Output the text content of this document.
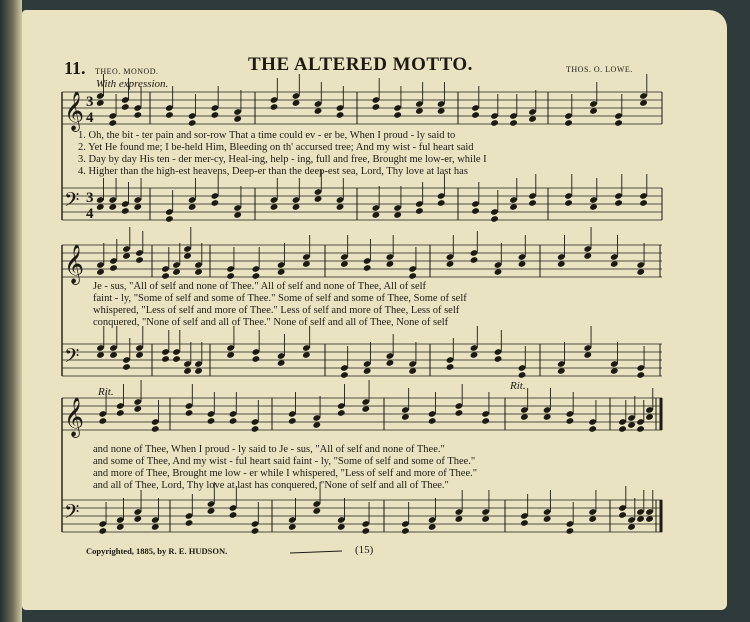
𝄞
𝄢
𝄞
𝄢
𝄞
𝄢
3
4
3
4
11. THEO. MONOD.
With expression.
THE ALTERED MOTTO.	THOS. O. LOWE.
Rit.	Rit.
1. Oh, the bit - ter pain and sor-row That a time could ev - er be, When I proud - ly said to
2. Yet He found me; I be-held Him, Bleeding on th' accursed tree; And my wist - ful heart said
3. Day by day His ten - der mer-cy, Heal-ing, help - ing, full and free, Brought me low-er, while I
4. Higher than the high-est heavens, Deep-er than the deep-est sea, Lord, Thy love at last has
Je - sus, "All of self and none of Thee." All of self and none of Thee, All of self
faint - ly, "Some of self and some of Thee." Some of self and some of Thee, Some of self
whispered, "Less of self and more of Thee." Less of self and more of Thee, Less of self
conquered, "None of self and all of Thee." None of self and all of Thee, None of self
and none of Thee, When I proud - ly said to Je - sus, "All of self and none of Thee."
and some of Thee, And my wist - ful heart said faint - ly, "Some of self and some of Thee."
and more of Thee, Brought me low - er while I whispered, "Less of self and more of Thee."
and all of Thee, Lord, Thy love at last has conquered, "None of self and all of Thee."
Copyrighted, 1885, by R. E. HUDSON.	(15)
